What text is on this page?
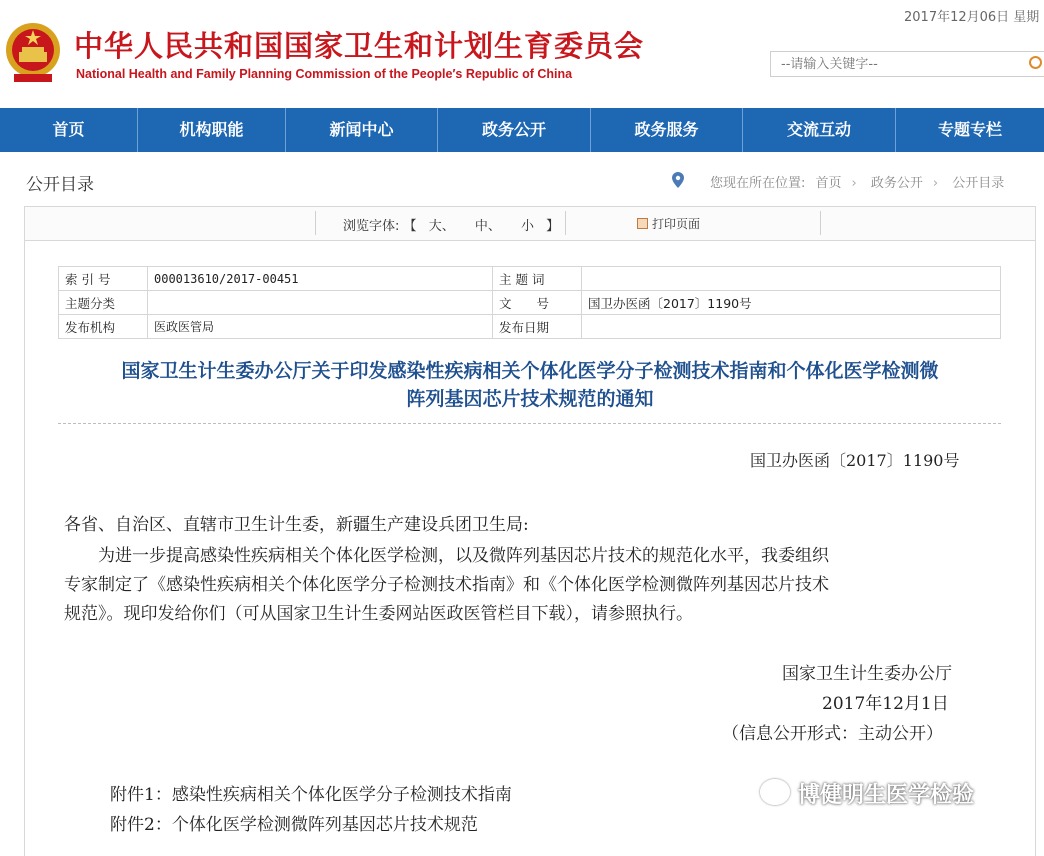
中华人民共和国国家卫生和计划生育委员会
National Health and Family Planning Commission of the People′s Republic of China
2017年12月06日 星期
--请输入关键字--
首页	机构职能	新闻中心	政务公开	政务服务	交流互动	专题专栏
公开目录	您现在所在位置: 首页 › 政务公开 › 公开目录
浏览字体: 【 大、 中、 小 】	打印页面
索 引 号	000013610/2017-00451	主 题 词	
主题分类		文　　号	国卫办医函〔2017〕1190号
发布机构	医政医管局	发布日期	
国家卫生计生委办公厅关于印发感染性疾病相关个体化医学分子检测技术指南和个体化医学检测微
阵列基因芯片技术规范的通知
国卫办医函〔2017〕1190号
各省、自治区、直辖市卫生计生委，新疆生产建设兵团卫生局:
　　为进一步提高感染性疾病相关个体化医学检测，以及微阵列基因芯片技术的规范化水平，我委组织
专家制定了《感染性疾病相关个体化医学分子检测技术指南》和《个体化医学检测微阵列基因芯片技术
规范》。现印发给你们（可从国家卫生计生委网站医政医管栏目下载），请参照执行。
国家卫生计生委办公厅
2017年12月1日
（信息公开形式：主动公开）
附件1：感染性疾病相关个体化医学分子检测技术指南
附件2：个体化医学检测微阵列基因芯片技术规范
博健明生医学检验
